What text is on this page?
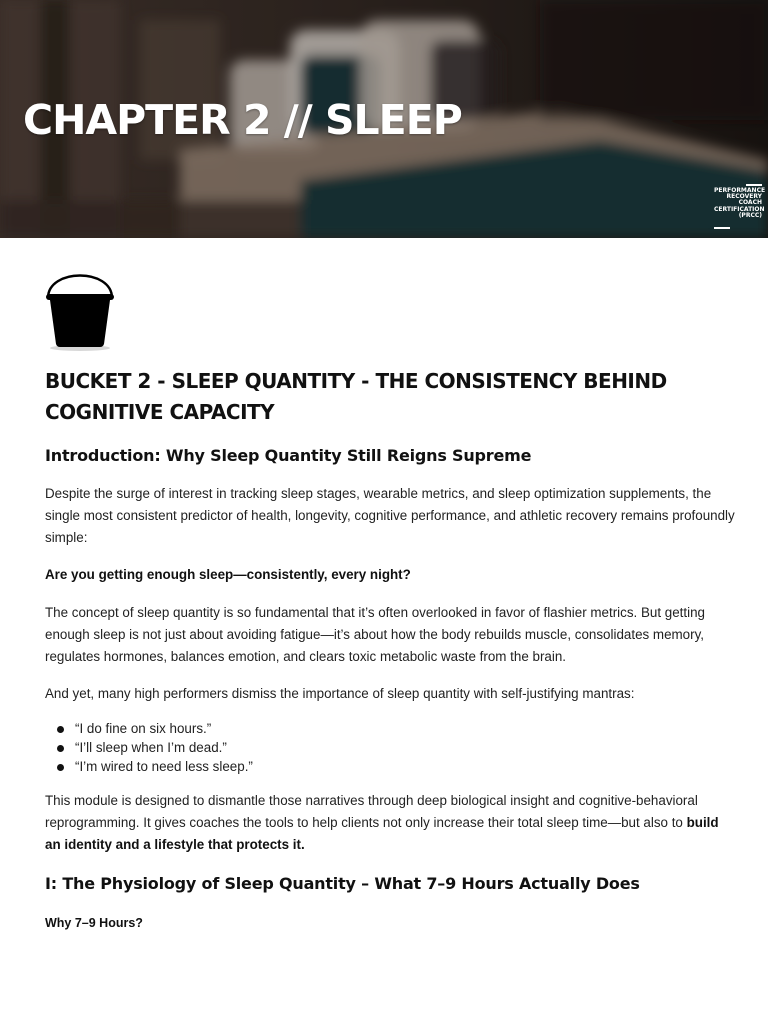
CHAPTER 2 // SLEEP
PERFORMANCE
RECOVERY
COACH
CERTIFICATION
(PRCC)
BUCKET 2 - SLEEP QUANTITY - THE CONSISTENCY BEHIND COGNITIVE CAPACITY
Introduction: Why Sleep Quantity Still Reigns Supreme

Despite the surge of interest in tracking sleep stages, wearable metrics, and sleep optimization supplements, the single most consistent predictor of health, longevity, cognitive performance, and athletic recovery remains profoundly simple:

Are you getting enough sleep—consistently, every night?

The concept of sleep quantity is so fundamental that it’s often overlooked in favor of flashier metrics. But getting enough sleep is not just about avoiding fatigue—it’s about how the body rebuilds muscle, consolidates memory, regulates hormones, balances emotion, and clears toxic metabolic waste from the brain.

And yet, many high performers dismiss the importance of sleep quantity with self-justifying mantras:

“I do fine on six hours.”
“I’ll sleep when I’m dead.”
“I’m wired to need less sleep.”

This module is designed to dismantle those narratives through deep biological insight and cognitive-behavioral reprogramming. It gives coaches the tools to help clients not only increase their total sleep time—but also to build an identity and a lifestyle that protects it.

I: The Physiology of Sleep Quantity – What 7–9 Hours Actually Does

Why 7–9 Hours?
